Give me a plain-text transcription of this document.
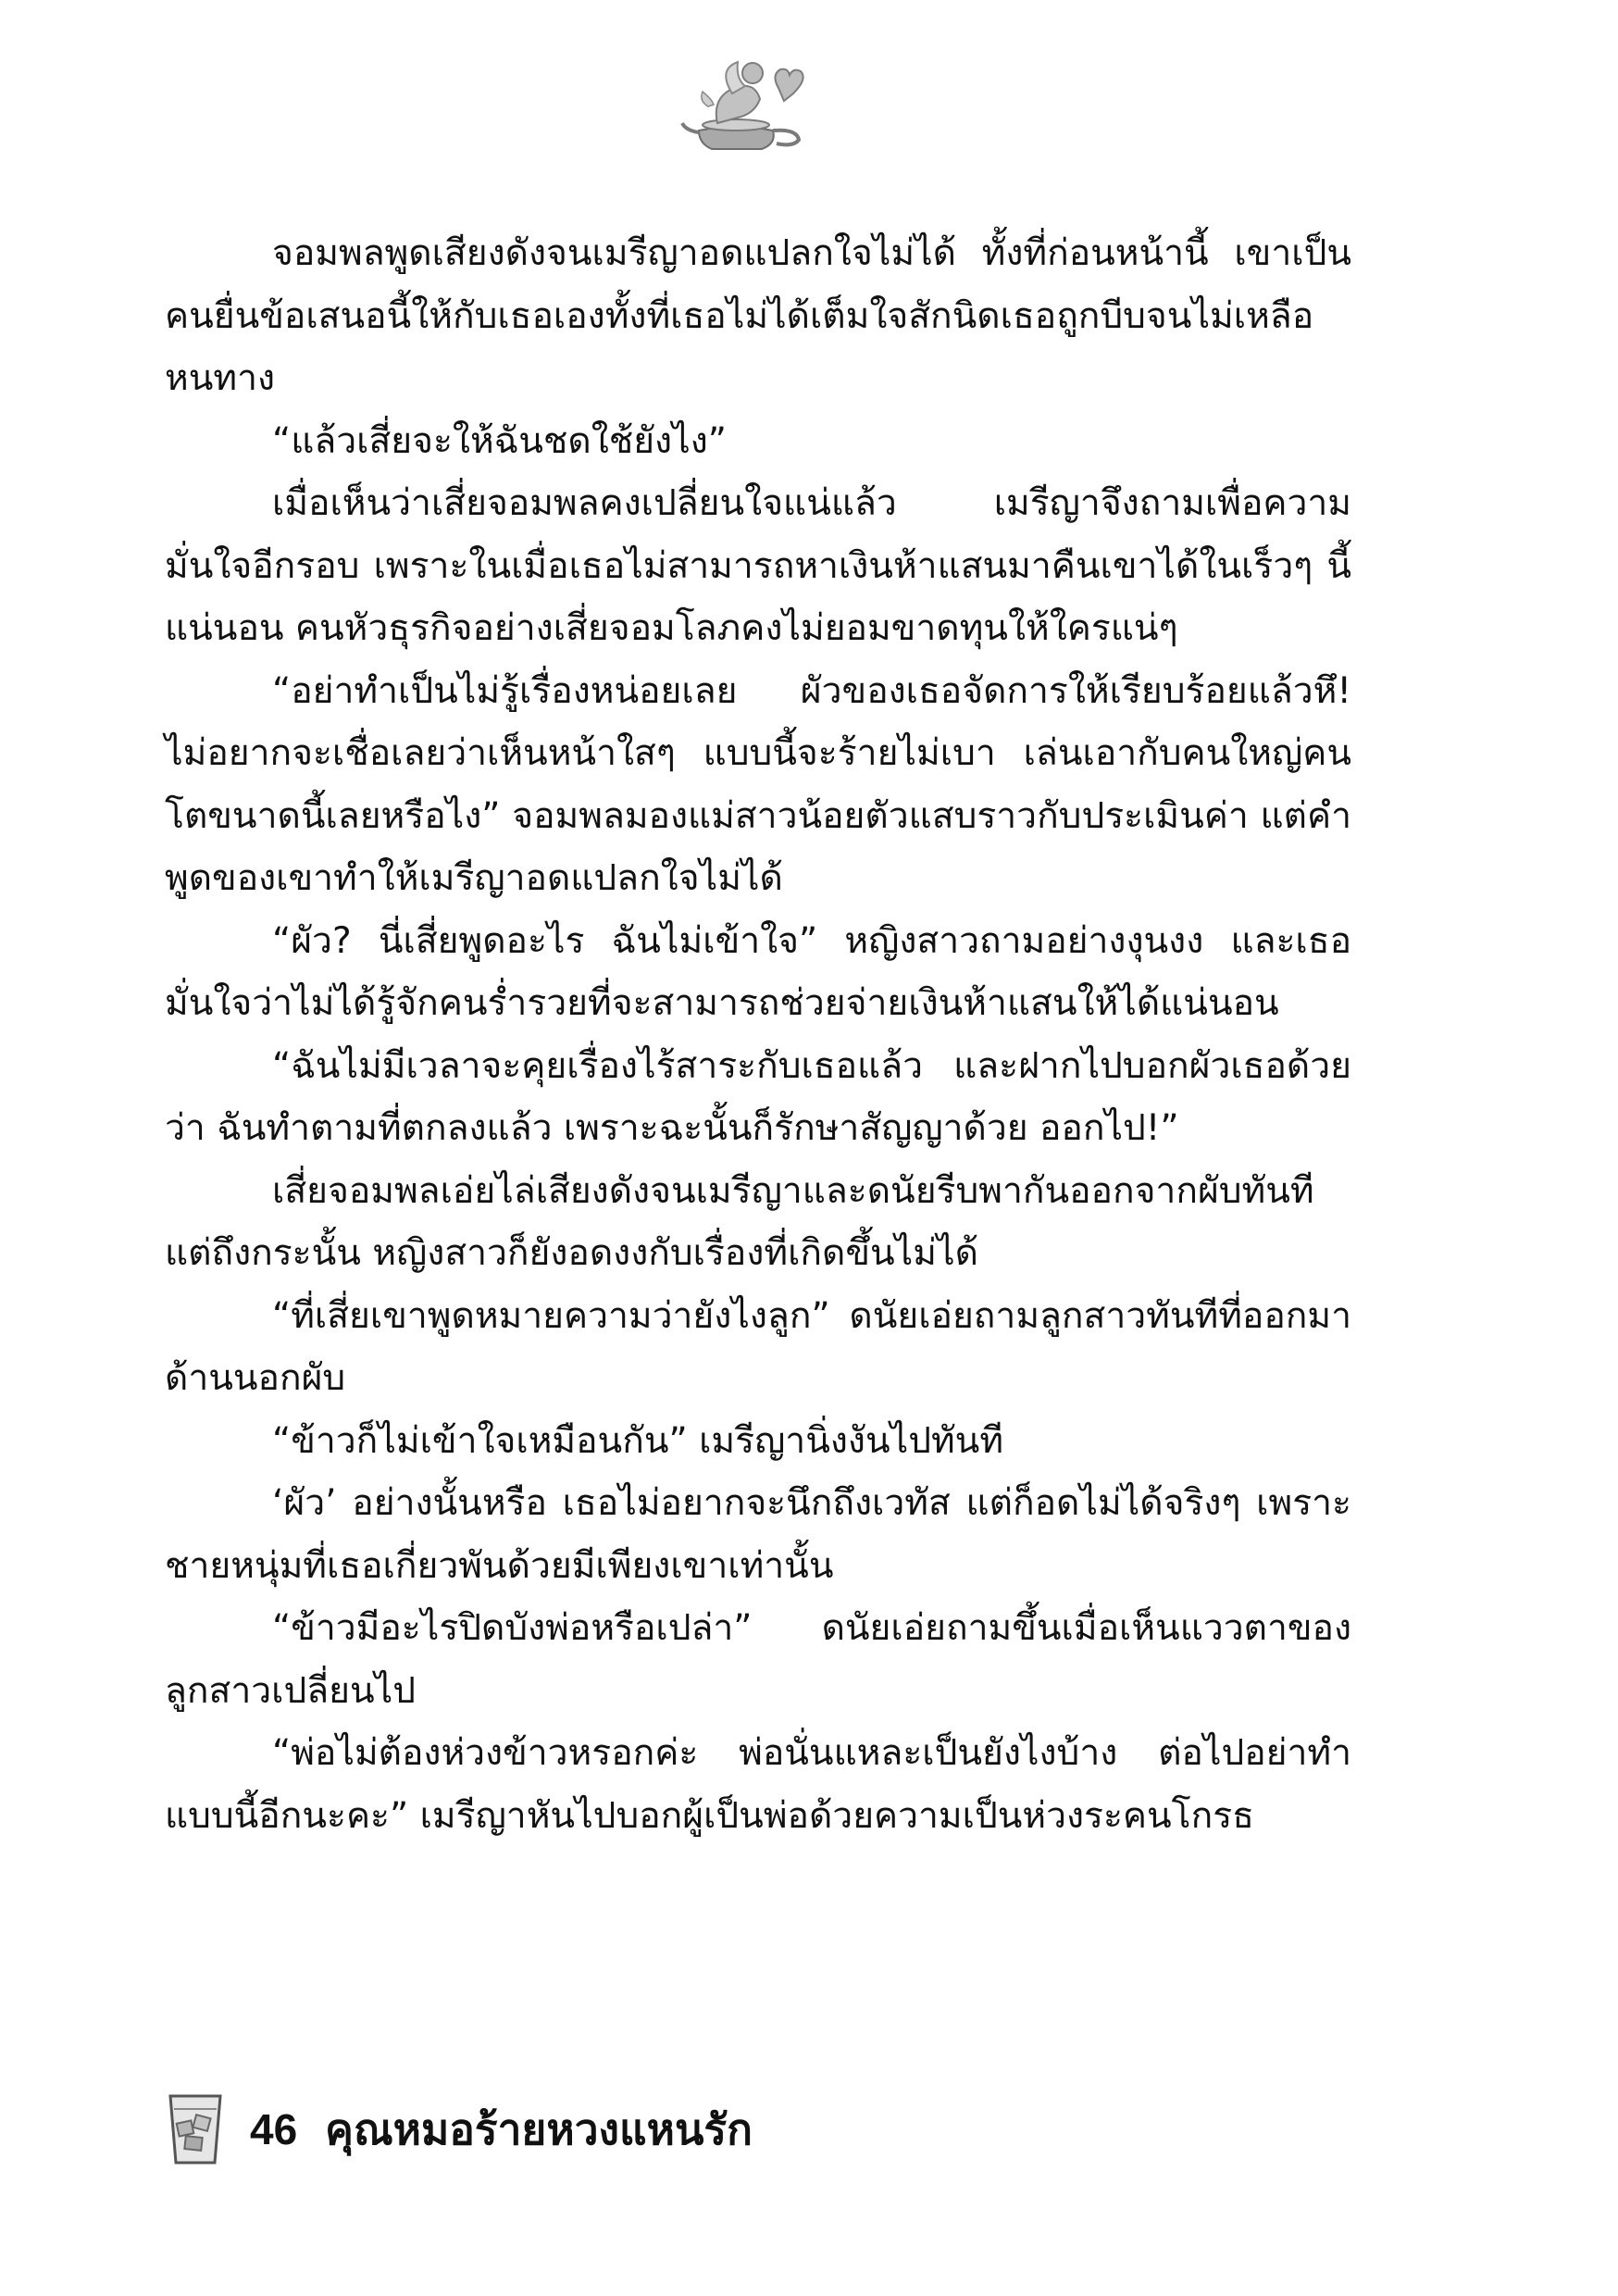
จอมพลพูดเสียงดังจนเมรีญาอดแปลกใจไม่ได้ ทั้งที่ก่อนหน้านี้ เขาเป็นคนยื่นข้อเสนอนี้ให้กับเธอเองทั้งที่เธอไม่ได้เต็มใจสักนิดเธอถูกบีบจนไม่เหลือหนทาง

“แล้วเสี่ยจะให้ฉันชดใช้ยังไง”

เมื่อเห็นว่าเสี่ยจอมพลคงเปลี่ยนใจแน่แล้ว เมรีญาจึงถามเพื่อความมั่นใจอีกรอบ เพราะในเมื่อเธอไม่สามารถหาเงินห้าแสนมาคืนเขาได้ในเร็วๆ นี้แน่นอน คนหัวธุรกิจอย่างเสี่ยจอมโลภคงไม่ยอมขาดทุนให้ใครแน่ๆ

“อย่าทำเป็นไม่รู้เรื่องหน่อยเลย ผัวของเธอจัดการให้เรียบร้อยแล้วหึ! ไม่อยากจะเชื่อเลยว่าเห็นหน้าใสๆ แบบนี้จะร้ายไม่เบา เล่นเอากับคนใหญ่คนโตขนาดนี้เลยหรือไง” จอมพลมองแม่สาวน้อยตัวแสบราวกับประเมินค่า แต่คำพูดของเขาทำให้เมรีญาอดแปลกใจไม่ได้

“ผัว? นี่เสี่ยพูดอะไร ฉันไม่เข้าใจ” หญิงสาวถามอย่างงุนงง และเธอมั่นใจว่าไม่ได้รู้จักคนร่ำรวยที่จะสามารถช่วยจ่ายเงินห้าแสนให้ได้แน่นอน

“ฉันไม่มีเวลาจะคุยเรื่องไร้สาระกับเธอแล้ว และฝากไปบอกผัวเธอด้วยว่า ฉันทำตามที่ตกลงแล้ว เพราะฉะนั้นก็รักษาสัญญาด้วย ออกไป!”

เสี่ยจอมพลเอ่ยไล่เสียงดังจนเมรีญาและดนัยรีบพากันออกจากผับทันที แต่ถึงกระนั้น หญิงสาวก็ยังอดงงกับเรื่องที่เกิดขึ้นไม่ได้

“ที่เสี่ยเขาพูดหมายความว่ายังไงลูก” ดนัยเอ่ยถามลูกสาวทันทีที่ออกมาด้านนอกผับ

“ข้าวก็ไม่เข้าใจเหมือนกัน” เมรีญานิ่งงันไปทันที

‘ผัว’ อย่างนั้นหรือ เธอไม่อยากจะนึกถึงเวทัส แต่ก็อดไม่ได้จริงๆ เพราะชายหนุ่มที่เธอเกี่ยวพันด้วยมีเพียงเขาเท่านั้น

“ข้าวมีอะไรปิดบังพ่อหรือเปล่า” ดนัยเอ่ยถามขึ้นเมื่อเห็นแววตาของลูกสาวเปลี่ยนไป

“พ่อไม่ต้องห่วงข้าวหรอกค่ะ พ่อนั่นแหละเป็นยังไงบ้าง ต่อไปอย่าทำแบบนี้อีกนะคะ” เมรีญาหันไปบอกผู้เป็นพ่อด้วยความเป็นห่วงระคนโกรธ

46 คุณหมอร้ายหวงแหนรัก
